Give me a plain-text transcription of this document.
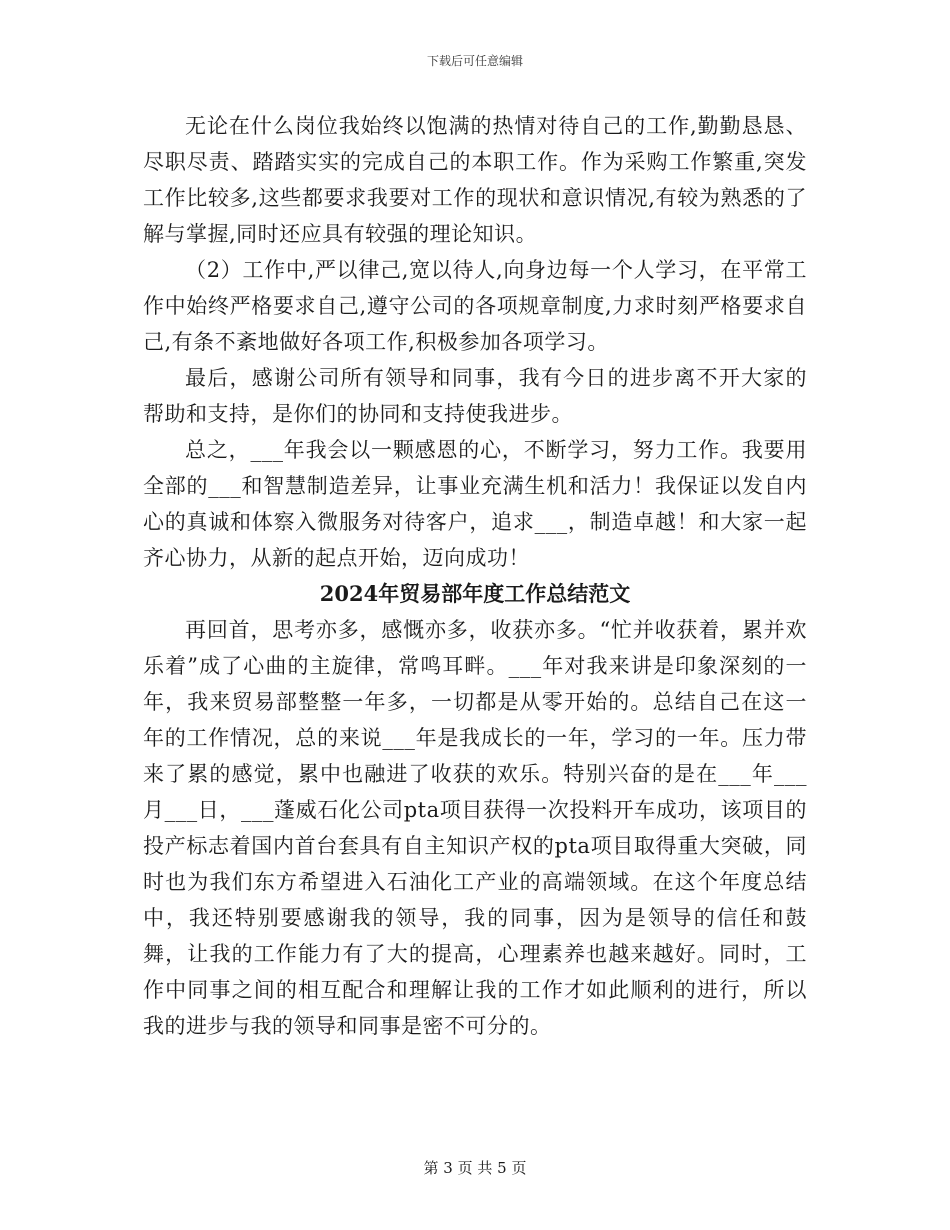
下载后可任意编辑

无论在什么岗位我始终以饱满的热情对待自己的工作,勤勤恳恳、尽职尽责、踏踏实实的完成自己的本职工作。作为采购工作繁重,突发工作比较多,这些都要求我要对工作的现状和意识情况,有较为熟悉的了解与掌握,同时还应具有较强的理论知识。

（2）工作中,严以律己,宽以待人,向身边每一个人学习，在平常工作中始终严格要求自己,遵守公司的各项规章制度,力求时刻严格要求自己,有条不紊地做好各项工作,积极参加各项学习。

最后，感谢公司所有领导和同事，我有今日的进步离不开大家的帮助和支持，是你们的协同和支持使我进步。

总之，___年我会以一颗感恩的心，不断学习，努力工作。我要用全部的___和智慧制造差异，让事业充满生机和活力！我保证以发自内心的真诚和体察入微服务对待客户，追求___，制造卓越！和大家一起齐心协力，从新的起点开始，迈向成功！

2024年贸易部年度工作总结范文

再回首，思考亦多，感慨亦多，收获亦多。“忙并收获着，累并欢乐着”成了心曲的主旋律，常鸣耳畔。___年对我来讲是印象深刻的一年，我来贸易部整整一年多，一切都是从零开始的。总结自己在这一年的工作情况，总的来说___年是我成长的一年，学习的一年。压力带来了累的感觉，累中也融进了收获的欢乐。特别兴奋的是在___年___月___日，___蓬威石化公司pta项目获得一次投料开车成功，该项目的投产标志着国内首台套具有自主知识产权的pta项目取得重大突破，同时也为我们东方希望进入石油化工产业的高端领域。在这个年度总结中，我还特别要感谢我的领导，我的同事，因为是领导的信任和鼓舞，让我的工作能力有了大的提高，心理素养也越来越好。同时，工作中同事之间的相互配合和理解让我的工作才如此顺利的进行，所以我的进步与我的领导和同事是密不可分的。

第 3 页 共 5 页
